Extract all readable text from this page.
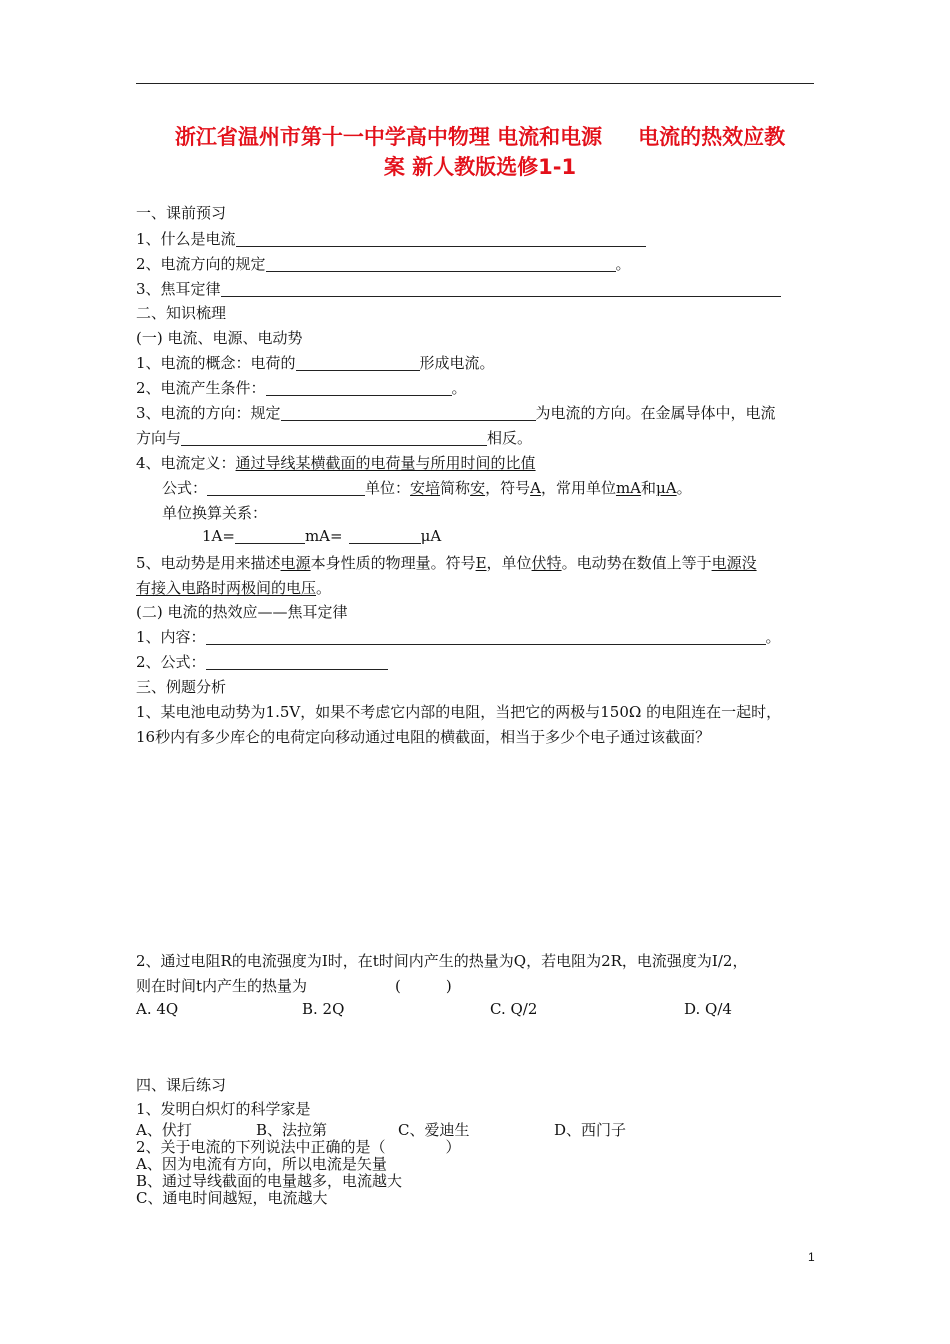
浙江省温州市第十一中学高中物理 电流和电源 电流的热效应教
案 新人教版选修1-1
一、课前预习
1、什么是电流
2、电流方向的规定	。
3、焦耳定律
二、知识梳理
(一) 电流、电源、电动势
1、电流的概念：电荷的	形成电流。
2、电流产生条件：	。
3、电流的方向：规定	为电流的方向。在金属导体中，电流
方向与	相反。
4、电流定义：通过导线某横截面的电荷量与所用时间的比值
公式：	单位：安培简称安，符号A，常用单位mA和μA。
单位换算关系：
1A=	mA=	μA
5、电动势是用来描述电源本身性质的物理量。符号E，单位伏特。电动势在数值上等于电源没
有接入电路时两极间的电压。
(二) 电流的热效应——焦耳定律
1、内容：	。
2、公式：
三、例题分析
1、某电池电动势为1.5V，如果不考虑它内部的电阻，当把它的两极与150Ω 的电阻连在一起时，
16秒内有多少库仑的电荷定向移动通过电阻的横截面，相当于多少个电子通过该截面？
2、通过电阻R的电流强度为I时，在t时间内产生的热量为Q，若电阻为2R，电流强度为I/2，
则在时间t内产生的热量为	(　　　)
A. 4Q	B. 2Q	C. Q/2	D. Q/4
四、课后练习
1、发明白炽灯的科学家是
A、伏打	B、法拉第	C、爱迪生	D、西门子
2、关于电流的下列说法中正确的是（　　　　）
A、因为电流有方向，所以电流是矢量
B、通过导线截面的电量越多，电流越大
C、通电时间越短，电流越大
1
